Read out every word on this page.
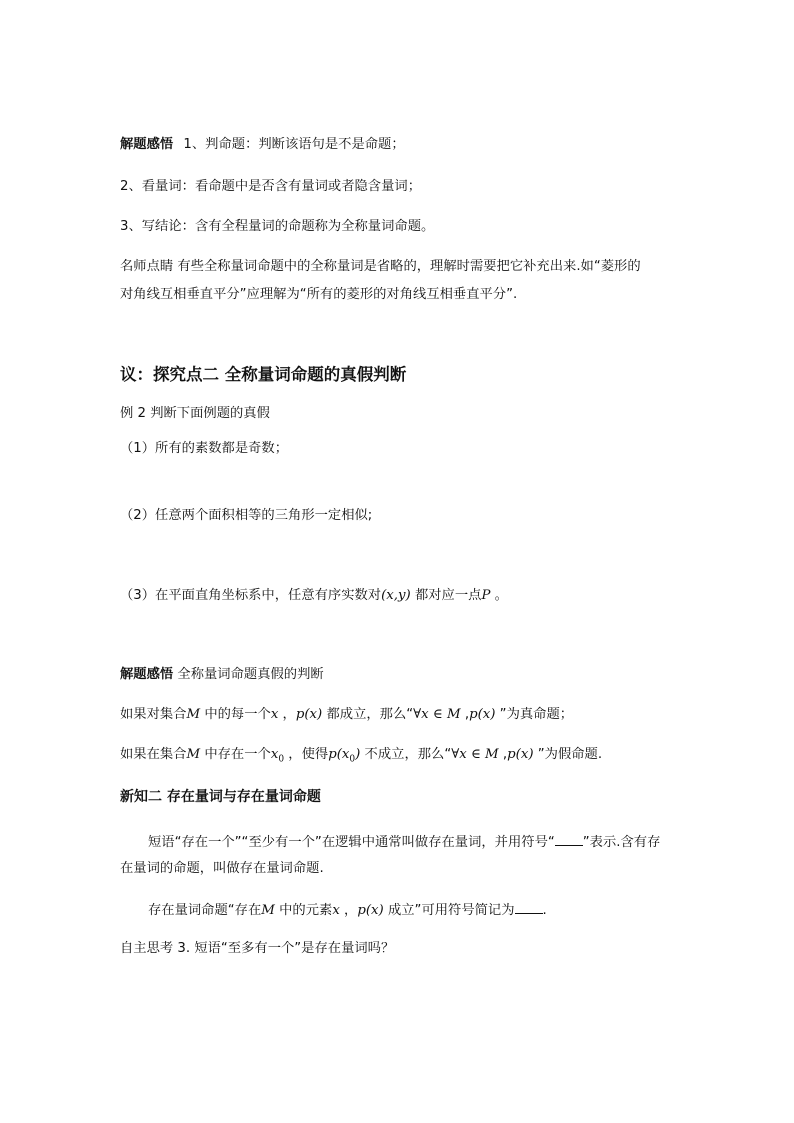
解题感悟 1、判命题：判断该语句是不是命题；
2、看量词：看命题中是否含有量词或者隐含量词；
3、写结论：含有全程量词的命题称为全称量词命题。
名师点睛 有些全称量词命题中的全称量词是省略的，理解时需要把它补充出来.如“菱形的
对角线互相垂直平分”应理解为“所有的菱形的对角线互相垂直平分”.
议：探究点二 全称量词命题的真假判断
例 2 判断下面例题的真假
（1）所有的素数都是奇数；
（2）任意两个面积相等的三角形一定相似;
（3）在平面直角坐标系中，任意有序实数对(x,y) 都对应一点P 。
解题感悟 全称量词命题真假的判断
如果对集合M 中的每一个x ，p(x) 都成立，那么“∀x ∈ M ,p(x) ”为真命题；
如果在集合M 中存在一个$x_0$ ，使得$p(x_0)$ 不成立，那么“∀x ∈ M ,p(x) ”为假命题.
新知二 存在量词与存在量词命题
短语“存在一个”“至少有一个”在逻辑中通常叫做存在量词，并用符号“ ”表示.含有存
在量词的命题，叫做存在量词命题.
存在量词命题“存在M 中的元素x ，p(x) 成立”可用符号简记为 .
自主思考 3. 短语“至多有一个”是存在量词吗？
